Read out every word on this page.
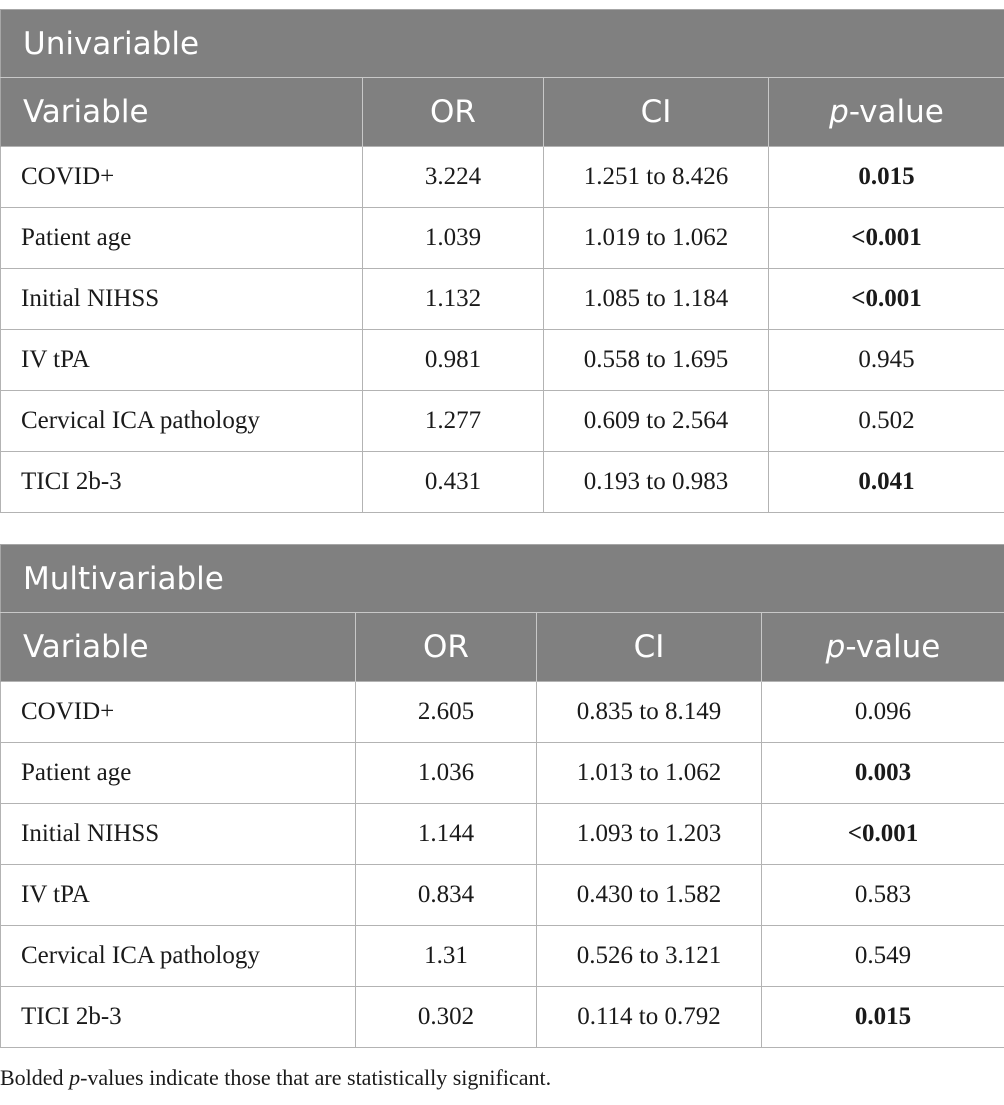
Univariable			
Variable	OR	CI	p-value
COVID+	3.224	1.251 to 8.426	0.015
Patient age	1.039	1.019 to 1.062	<0.001
Initial NIHSS	1.132	1.085 to 1.184	<0.001
IV tPA	0.981	0.558 to 1.695	0.945
Cervical ICA pathology	1.277	0.609 to 2.564	0.502
TICI 2b-3	0.431	0.193 to 0.983	0.041
Multivariable			
Variable	OR	CI	p-value
COVID+	2.605	0.835 to 8.149	0.096
Patient age	1.036	1.013 to 1.062	0.003
Initial NIHSS	1.144	1.093 to 1.203	<0.001
IV tPA	0.834	0.430 to 1.582	0.583
Cervical ICA pathology	1.31	0.526 to 3.121	0.549
TICI 2b-3	0.302	0.114 to 0.792	0.015
Bolded p-values indicate those that are statistically significant.
